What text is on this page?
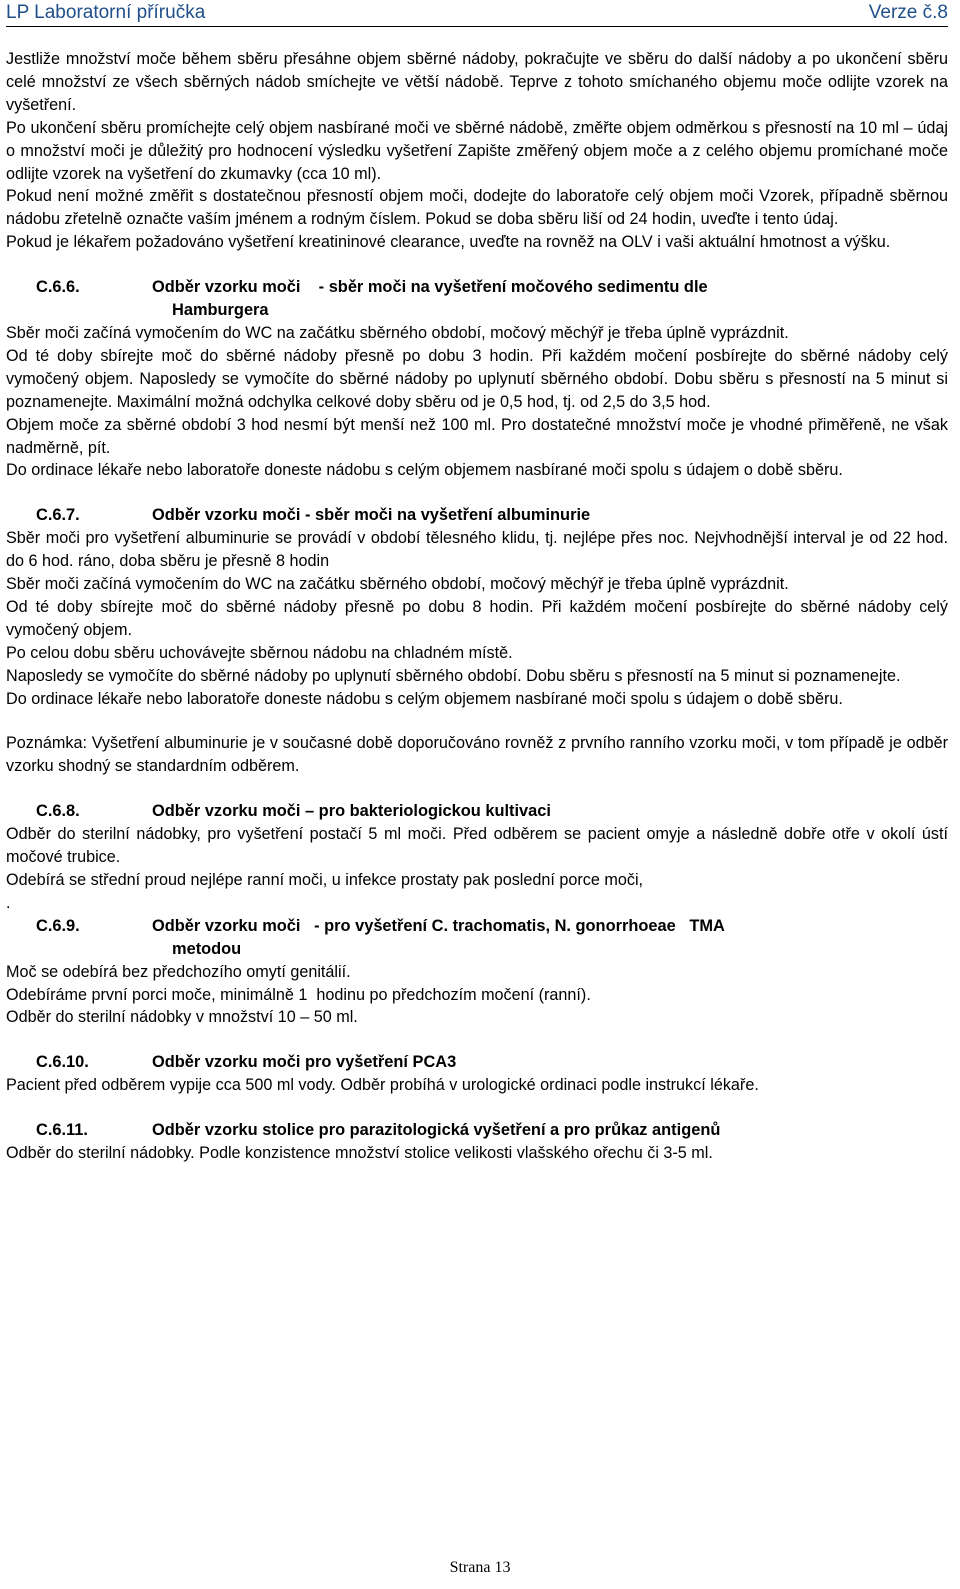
LP Laboratorní příručka	Verze č.8

Jestliže množství moče během sběru přesáhne objem sběrné nádoby, pokračujte ve sběru do další nádoby a po ukončení sběru celé množství ze všech sběrných nádob smíchejte ve větší nádobě. Teprve z tohoto smíchaného objemu moče odlijte vzorek na vyšetření.

Po ukončení sběru promíchejte celý objem nasbírané moči ve sběrné nádobě, změřte objem odměrkou s přesností na 10 ml – údaj o množství moči je důležitý pro hodnocení výsledku vyšetření Zapište změřený objem moče a z celého objemu promíchané moče odlijte vzorek na vyšetření do zkumavky (cca 10 ml).

Pokud není možné změřit s dostatečnou přesností objem moči, dodejte do laboratoře celý objem moči Vzorek, případně sběrnou nádobu zřetelně označte vaším jménem a rodným číslem. Pokud se doba sběru liší od 24 hodin, uveďte i tento údaj.

Pokud je lékařem požadováno vyšetření kreatininové clearance, uveďte na rovněž na OLV i vaši aktuální hmotnost a výšku.

C.6.6.	Odběr vzorku moči    - sběr moči na vyšetření močového sedimentu dle
Hamburgera

Sběr moči začíná vymočením do WC na začátku sběrného období, močový měchýř je třeba úplně vyprázdnit.

Od té doby sbírejte moč do sběrné nádoby přesně po dobu 3 hodin. Při každém močení posbírejte do sběrné nádoby celý vymočený objem. Naposledy se vymočíte do sběrné nádoby po uplynutí sběrného období. Dobu sběru s přesností na 5 minut si poznamenejte. Maximální možná odchylka celkové doby sběru od je 0,5 hod, tj. od 2,5 do 3,5 hod.

Objem moče za sběrné období 3 hod nesmí být menší než 100 ml. Pro dostatečné množství moče je vhodné přiměřeně, ne však nadměrně, pít.

Do ordinace lékaře nebo laboratoře doneste nádobu s celým objemem nasbírané moči spolu s údajem o době sběru.

C.6.7.	Odběr vzorku moči - sběr moči na vyšetření albuminurie

Sběr moči pro vyšetření albuminurie se provádí v období tělesného klidu, tj. nejlépe přes noc. Nejvhodnější interval je od 22 hod. do 6 hod. ráno, doba sběru je přesně 8 hodin

Sběr moči začíná vymočením do WC na začátku sběrného období, močový měchýř je třeba úplně vyprázdnit.

Od té doby sbírejte moč do sběrné nádoby přesně po dobu 8 hodin. Při každém močení posbírejte do sběrné nádoby celý vymočený objem.

Po celou dobu sběru uchovávejte sběrnou nádobu na chladném místě.

Naposledy se vymočíte do sběrné nádoby po uplynutí sběrného období. Dobu sběru s přesností na 5 minut si poznamenejte.

Do ordinace lékaře nebo laboratoře doneste nádobu s celým objemem nasbírané moči spolu s údajem o době sběru.

Poznámka: Vyšetření albuminurie je v současné době doporučováno rovněž z prvního ranního vzorku moči, v tom případě je odběr vzorku shodný se standardním odběrem.

C.6.8.	Odběr vzorku moči – pro bakteriologickou kultivaci

Odběr do sterilní nádobky, pro vyšetření postačí 5 ml moči. Před odběrem se pacient omyje a následně dobře otře v okolí ústí močové trubice.

Odebírá se střední proud nejlépe ranní moči, u infekce prostaty pak poslední porce moči,

.

C.6.9.	Odběr vzorku moči   - pro vyšetření C. trachomatis, N. gonorrhoeae   TMA
metodou

Moč se odebírá bez předchozího omytí genitálií.

Odebíráme první porci moče, minimálně 1  hodinu po předchozím močení (ranní).

Odběr do sterilní nádobky v množství 10 – 50 ml.

C.6.10.	Odběr vzorku moči pro vyšetření PCA3

Pacient před odběrem vypije cca 500 ml vody. Odběr probíhá v urologické ordinaci podle instrukcí lékaře.

C.6.11.	Odběr vzorku stolice pro parazitologická vyšetření a pro průkaz antigenů

Odběr do sterilní nádobky. Podle konzistence množství stolice velikosti vlašského ořechu či 3-5 ml.

Strana 13
